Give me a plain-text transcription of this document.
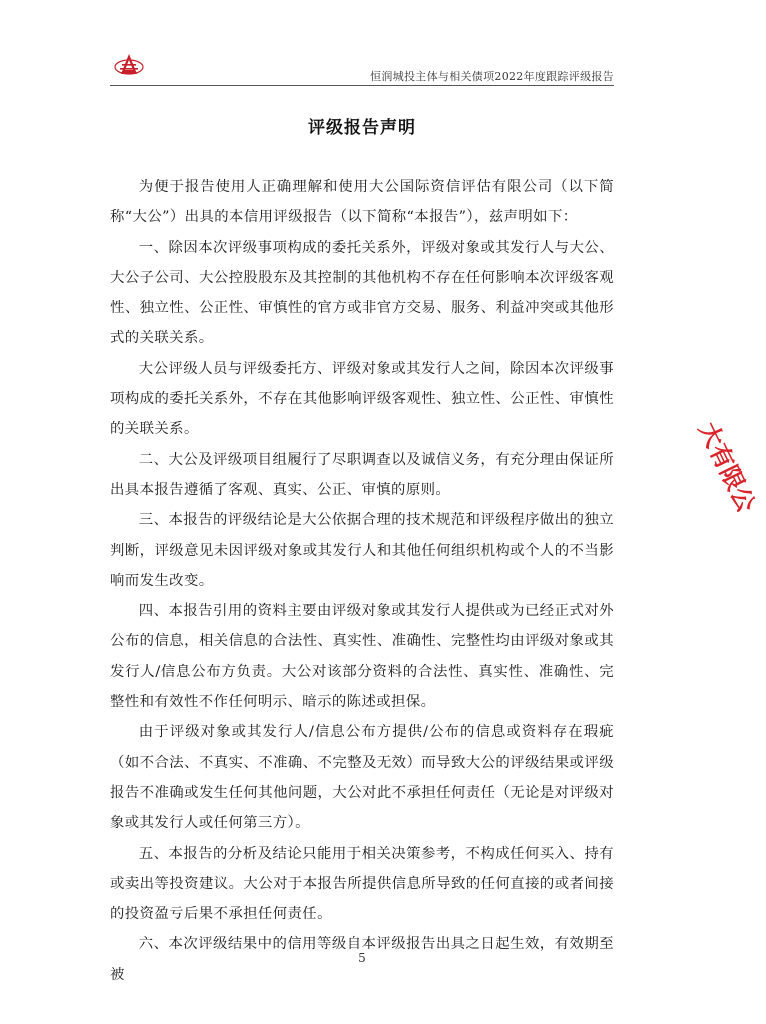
恒润城投主体与相关债项2022年度跟踪评级报告
评级报告声明

为便于报告使用人正确理解和使用大公国际资信评估有限公司（以下简称“大公”）出具的本信用评级报告（以下简称“本报告”），兹声明如下：

一、除因本次评级事项构成的委托关系外，评级对象或其发行人与大公、大公子公司、大公控股股东及其控制的其他机构不存在任何影响本次评级客观性、独立性、公正性、审慎性的官方或非官方交易、服务、利益冲突或其他形式的关联关系。

大公评级人员与评级委托方、评级对象或其发行人之间，除因本次评级事项构成的委托关系外，不存在其他影响评级客观性、独立性、公正性、审慎性的关联关系。

二、大公及评级项目组履行了尽职调查以及诚信义务，有充分理由保证所出具本报告遵循了客观、真实、公正、审慎的原则。

三、本报告的评级结论是大公依据合理的技术规范和评级程序做出的独立判断，评级意见未因评级对象或其发行人和其他任何组织机构或个人的不当影响而发生改变。

四、本报告引用的资料主要由评级对象或其发行人提供或为已经正式对外公布的信息，相关信息的合法性、真实性、准确性、完整性均由评级对象或其发行人/信息公布方负责。大公对该部分资料的合法性、真实性、准确性、完整性和有效性不作任何明示、暗示的陈述或担保。

由于评级对象或其发行人/信息公布方提供/公布的信息或资料存在瑕疵（如不合法、不真实、不准确、不完整及无效）而导致大公的评级结果或评级报告不准确或发生任何其他问题，大公对此不承担任何责任（无论是对评级对象或其发行人或任何第三方）。

五、本报告的分析及结论只能用于相关决策参考，不构成任何买入、持有或卖出等投资建议。大公对于本报告所提供信息所导致的任何直接的或者间接的投资盈亏后果不承担任何责任。

六、本次评级结果中的信用等级自本评级报告出具之日起生效，有效期至被

5
大有限公
